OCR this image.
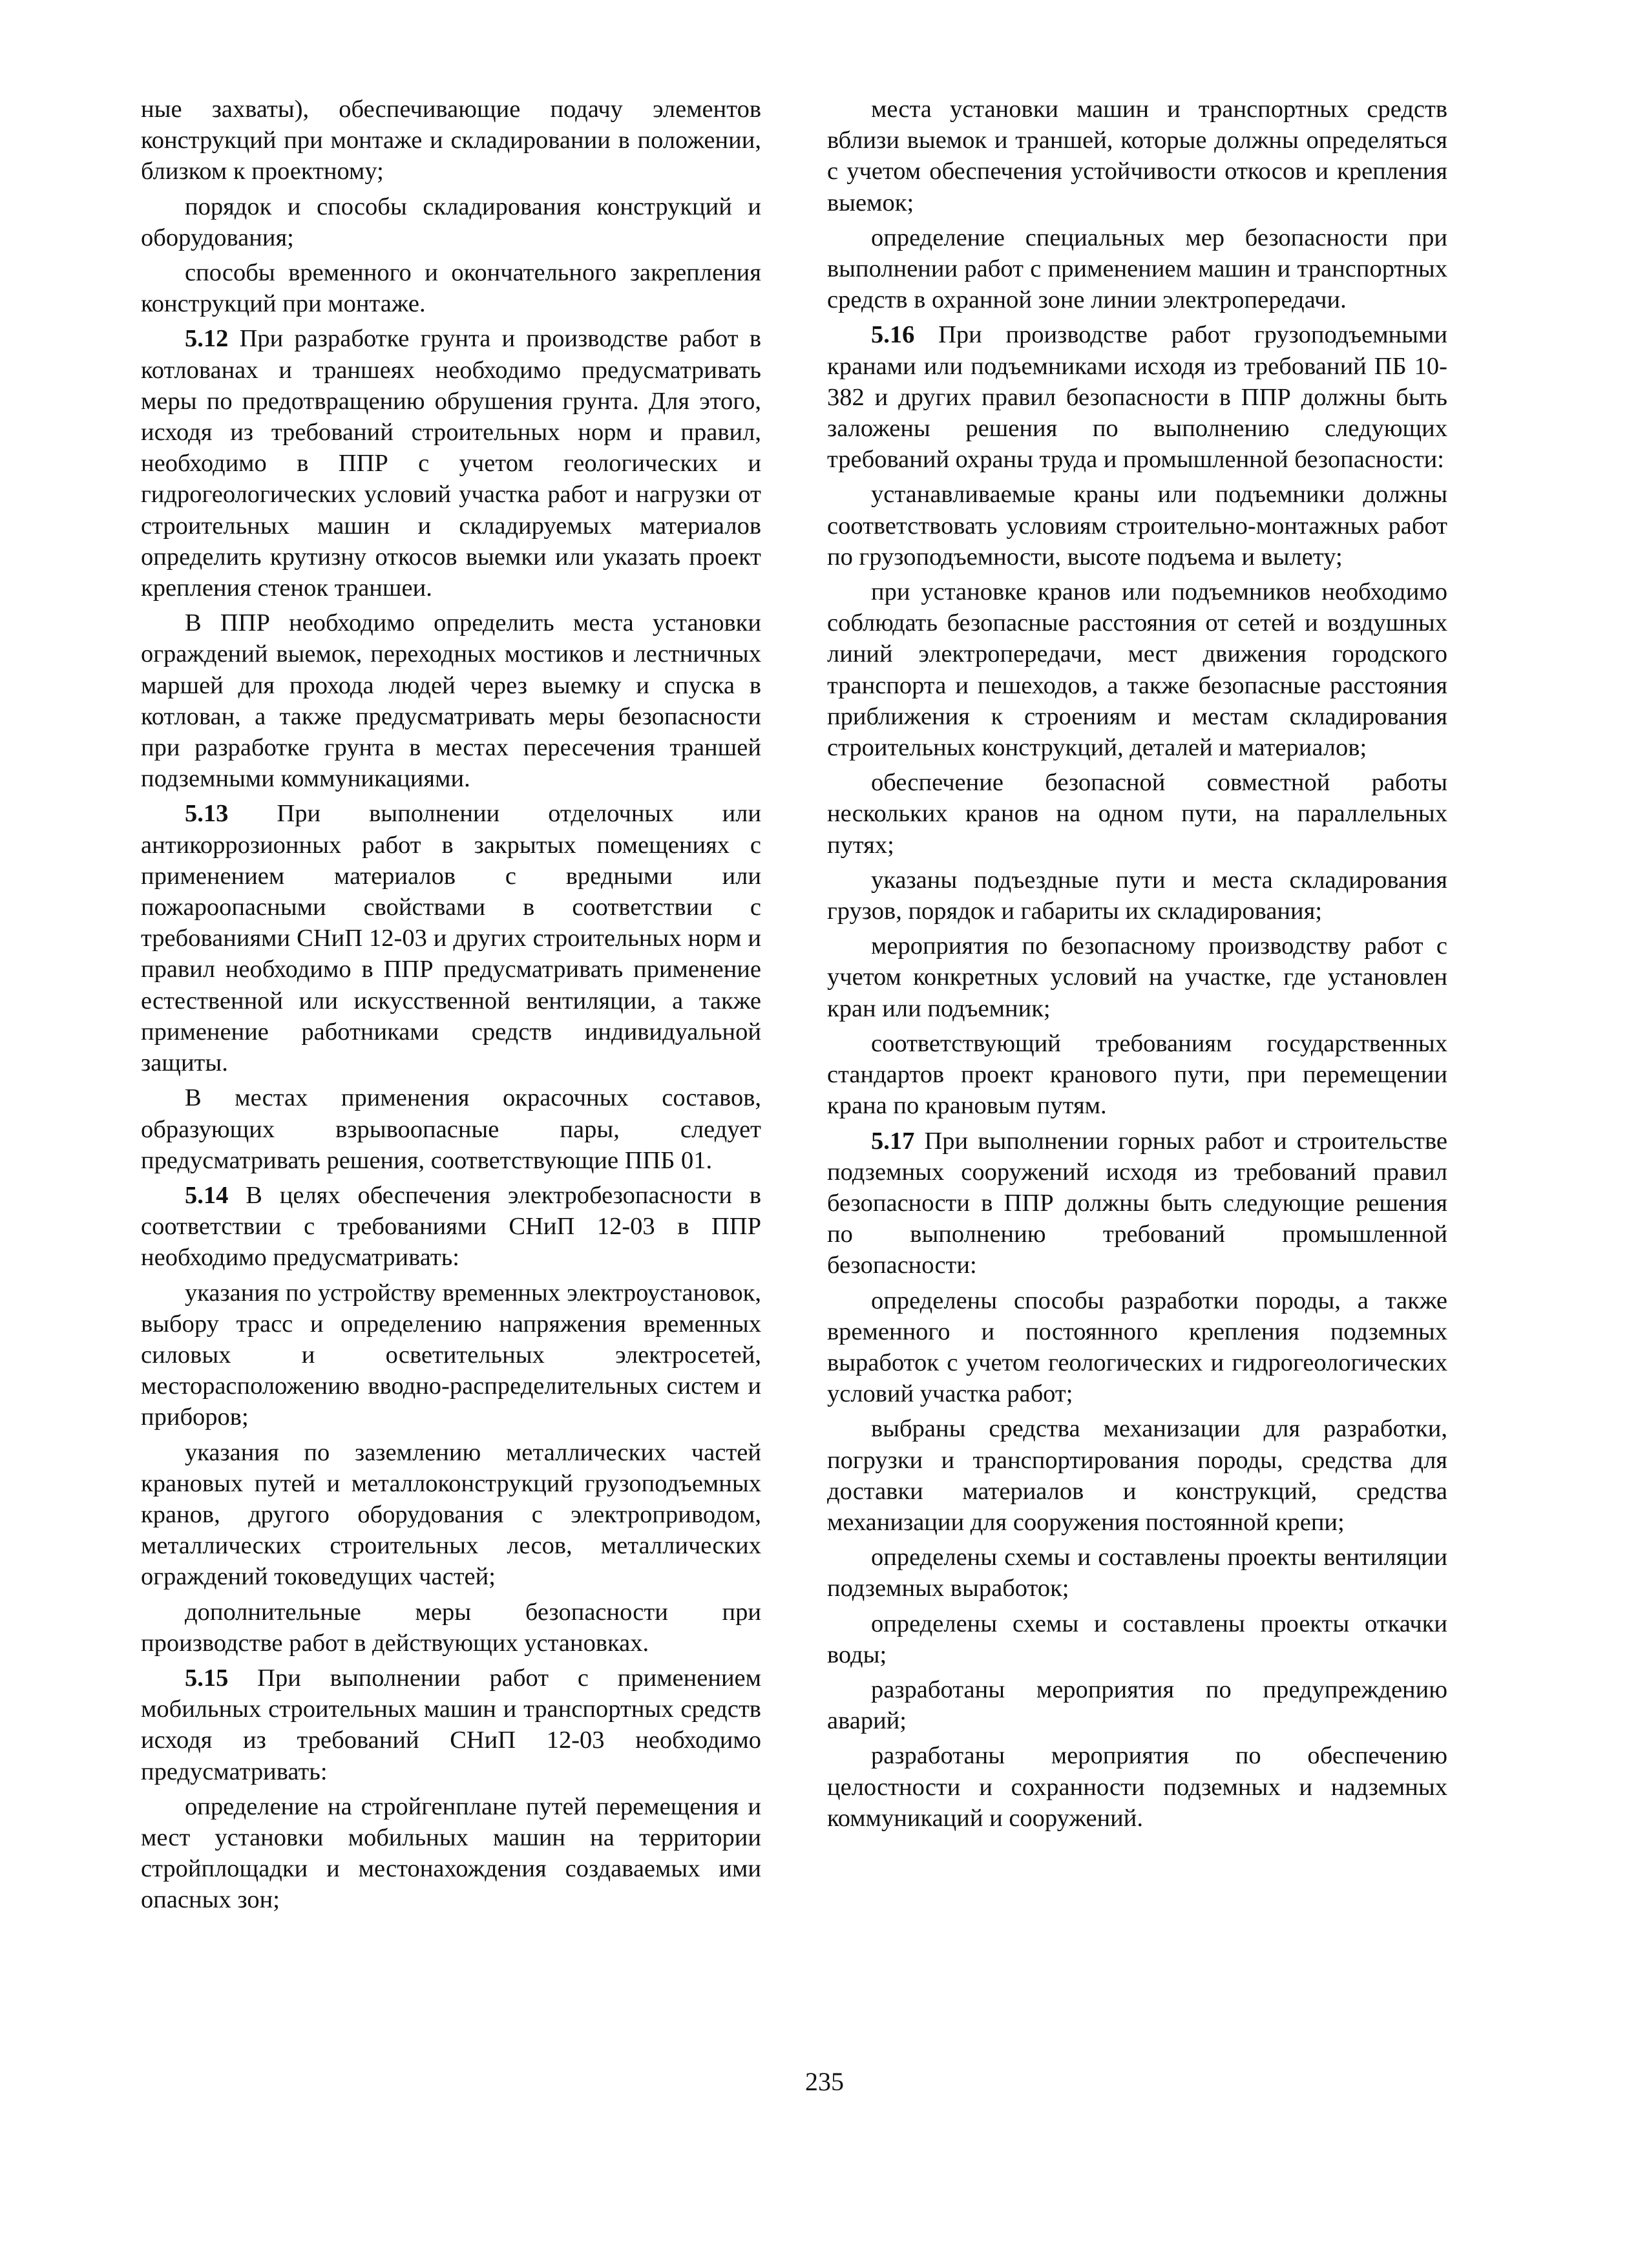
ные захваты), обеспечивающие подачу элементов конструкций при монтаже и складировании в положении, близком к проектному;

порядок и способы складирования конструкций и оборудования;

способы временного и окончательного закрепления конструкций при монтаже.

5.12 При разработке грунта и производстве работ в котлованах и траншеях необходимо предусматривать меры по предотвращению обрушения грунта. Для этого, исходя из требований строительных норм и правил, необходимо в ППР с учетом геологических и гидрогеологических условий участка работ и нагрузки от строительных машин и складируемых материалов определить крутизну откосов выемки или указать проект крепления стенок траншеи.

В ППР необходимо определить места установки ограждений выемок, переходных мостиков и лестничных маршей для прохода людей через выемку и спуска в котлован, а также предусматривать меры безопасности при разработке грунта в местах пересечения траншей подземными коммуникациями.

5.13 При выполнении отделочных или антикоррозионных работ в закрытых помещениях с применением материалов с вредными или пожароопасными свойствами в соответствии с требованиями СНиП 12-03 и других строительных норм и правил необходимо в ППР предусматривать применение естественной или искусственной вентиляции, а также применение работниками средств индивидуальной защиты.

В местах применения окрасочных составов, образующих взрывоопасные пары, следует предусматривать решения, соответствующие ППБ 01.

5.14 В целях обеспечения электробезопасности в соответствии с требованиями СНиП 12-03 в ППР необходимо предусматривать:

указания по устройству временных электроустановок, выбору трасс и определению напряжения временных силовых и осветительных электросетей, месторасположению вводно-распределительных систем и приборов;

указания по заземлению металлических частей крановых путей и металлоконструкций грузоподъемных кранов, другого оборудования с электроприводом, металлических строительных лесов, металлических ограждений токоведущих частей;

дополнительные меры безопасности при производстве работ в действующих установках.

5.15 При выполнении работ с применением мобильных строительных машин и транспортных средств исходя из требований СНиП 12-03 необходимо предусматривать:

определение на стройгенплане путей перемещения и мест установки мобильных машин на территории стройплощадки и местонахождения создаваемых ими опасных зон;

места установки машин и транспортных средств вблизи выемок и траншей, которые должны определяться с учетом обеспечения устойчивости откосов и крепления выемок;

определение специальных мер безопасности при выполнении работ с применением машин и транспортных средств в охранной зоне линии электропередачи.

5.16 При производстве работ грузоподъемными кранами или подъемниками исходя из требований ПБ 10-382 и других правил безопасности в ППР должны быть заложены решения по выполнению следующих требований охраны труда и промышленной безопасности:

устанавливаемые краны или подъемники должны соответствовать условиям строительно-монтажных работ по грузоподъемности, высоте подъема и вылету;

при установке кранов или подъемников необходимо соблюдать безопасные расстояния от сетей и воздушных линий электропередачи, мест движения городского транспорта и пешеходов, а также безопасные расстояния приближения к строениям и местам складирования строительных конструкций, деталей и материалов;

обеспечение безопасной совместной работы нескольких кранов на одном пути, на параллельных путях;

указаны подъездные пути и места складирования грузов, порядок и габариты их складирования;

мероприятия по безопасному производству работ с учетом конкретных условий на участке, где установлен кран или подъемник;

соответствующий требованиям государственных стандартов проект кранового пути, при перемещении крана по крановым путям.

5.17 При выполнении горных работ и строительстве подземных сооружений исходя из требований правил безопасности в ППР должны быть следующие решения по выполнению требований промышленной безопасности:

определены способы разработки породы, а также временного и постоянного крепления подземных выработок с учетом геологических и гидрогеологических условий участка работ;

выбраны средства механизации для разработки, погрузки и транспортирования породы, средства для доставки материалов и конструкций, средства механизации для сооружения постоянной крепи;

определены схемы и составлены проекты вентиляции подземных выработок;

определены схемы и составлены проекты откачки воды;

разработаны мероприятия по предупреждению аварий;

разработаны мероприятия по обеспечению целостности и сохранности подземных и надземных коммуникаций и сооружений.

235
